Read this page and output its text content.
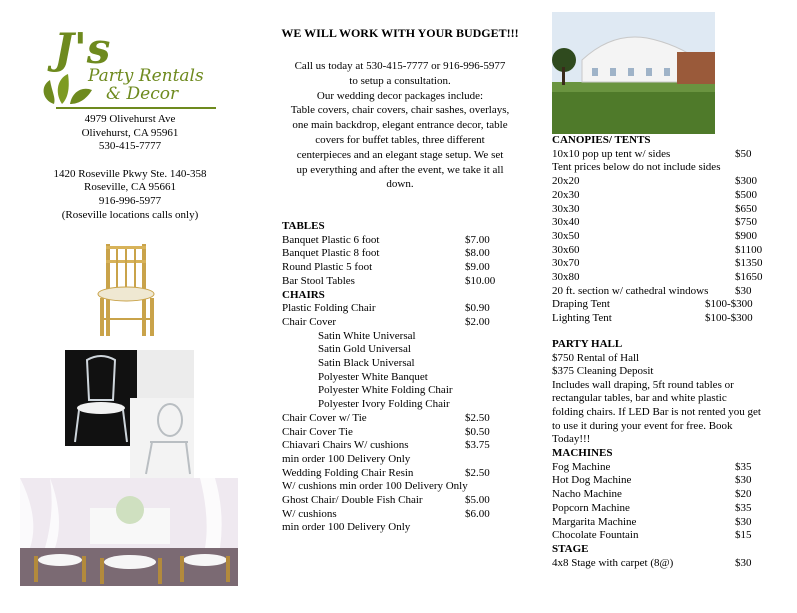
J's
Party Rentals
& Decor
4979 Olivehurst Ave
Olivehurst, CA 95961
530-415-7777
1420 Roseville Pkwy Ste. 140-358
Roseville, CA 95661
916-996-5977
(Roseville locations calls only)
WE WILL WORK WITH YOUR BUDGET!!!
Call us today at 530-415-7777 or 916-996-5977
to setup a consultation.
Our wedding decor packages include:
Table covers, chair covers, chair sashes, overlays,
one main backdrop, elegant entrance decor, table
covers for buffet tables, three different
centerpieces and an elegant stage setup. We set
up everything and after the event, we take it all
down.
TABLES
Banquet Plastic 6 foot	$7.00
Banquet Plastic 8 foot	$8.00
Round Plastic 5 foot	$9.00
Bar Stool Tables	$10.00
CHAIRS
Plastic Folding Chair	$0.90
Chair Cover	$2.00
Satin White Universal
Satin Gold Universal
Satin Black Universal
Polyester White Banquet
Polyester White Folding Chair
Polyester Ivory Folding Chair
Chair Cover w/ Tie	$2.50
Chair Cover Tie	$0.50
Chiavari Chairs W/ cushions	$3.75
min order 100 Delivery Only
Wedding Folding Chair Resin	$2.50
W/ cushions min order 100 Delivery Only
Ghost Chair/ Double Fish Chair	$5.00
W/ cushions	$6.00
min order 100 Delivery Only
CANOPIES/ TENTS
10x10 pop up tent w/ sides	$50
Tent prices below do not include sides
20x20	$300
20x30	$500
30x30	$650
30x40	$750
30x50	$900
30x60	$1100
30x70	$1350
30x80	$1650
20 ft. section w/ cathedral windows $30
Draping Tent	$100-$300
Lighting Tent	$100-$300
PARTY HALL
$750 Rental of Hall
$375 Cleaning Deposit
Includes wall draping, 5ft round tables or
rectangular tables, bar and white plastic
folding chairs. If LED Bar is not rented you get
to use it during your event for free. Book
Today!!!
MACHINES
Fog Machine	$35
Hot Dog Machine	$30
Nacho Machine	$20
Popcorn Machine	$35
Margarita Machine	$30
Chocolate Fountain	$15
STAGE
4x8 Stage with carpet (8@)	$30
